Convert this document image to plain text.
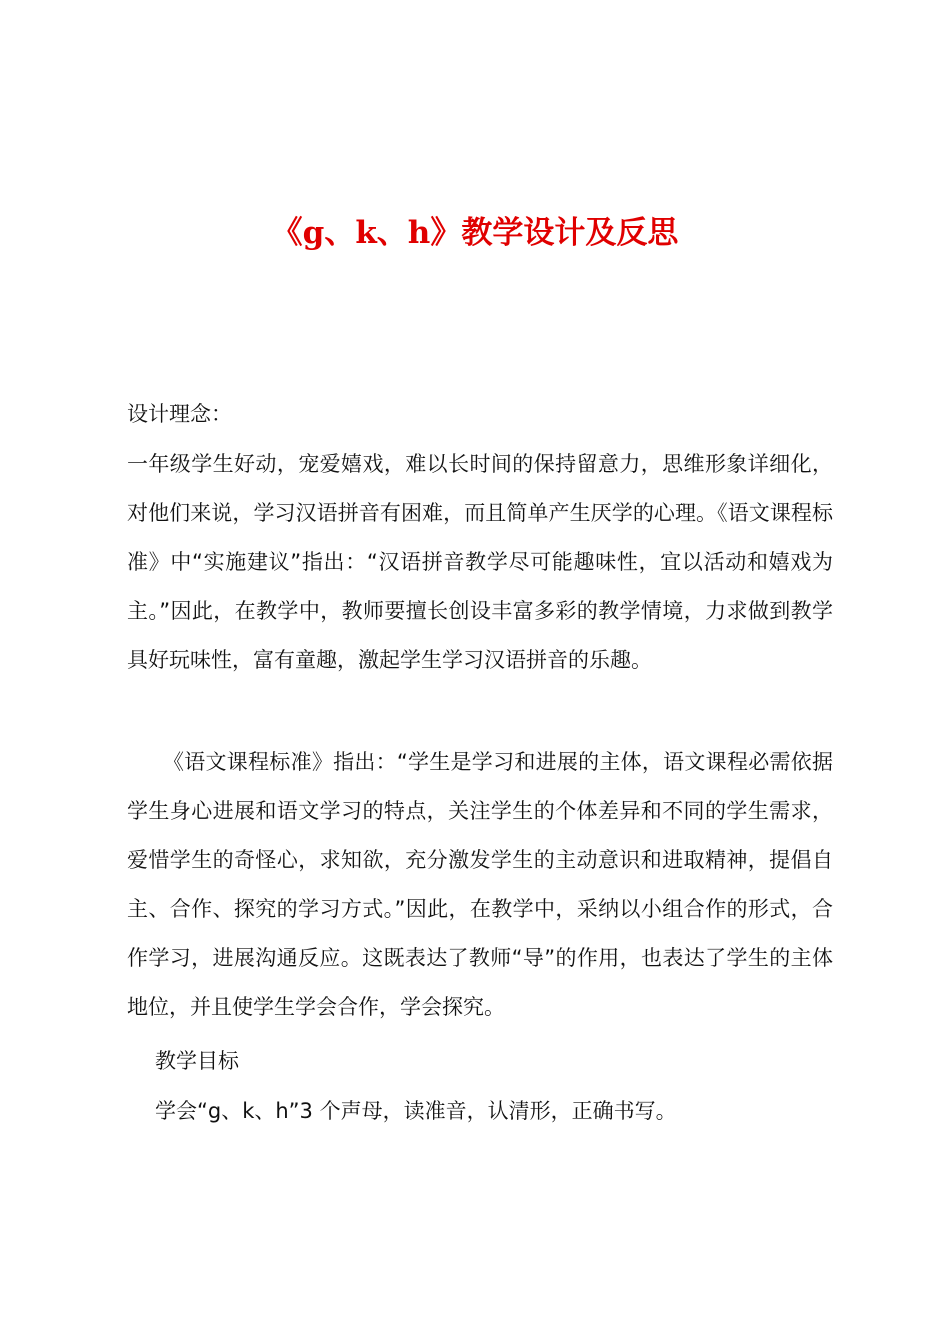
《g、k、h》教学设计及反思

设计理念：

一年级学生好动，宠爱嬉戏，难以长时间的保持留意力，思维形象详细化，对他们来说，学习汉语拼音有困难，而且简单产生厌学的心理。《语文课程标准》中“实施建议”指出：“汉语拼音教学尽可能趣味性，宜以活动和嬉戏为主。”因此，在教学中，教师要擅长创设丰富多彩的教学情境，力求做到教学具好玩味性，富有童趣，激起学生学习汉语拼音的乐趣。

《语文课程标准》指出：“学生是学习和进展的主体，语文课程必需依据学生身心进展和语文学习的特点，关注学生的个体差异和不同的学生需求，爱惜学生的奇怪心，求知欲，充分激发学生的主动意识和进取精神，提倡自主、合作、探究的学习方式。”因此，在教学中，采纳以小组合作的形式，合作学习，进展沟通反应。这既表达了教师“导”的作用，也表达了学生的主体地位，并且使学生学会合作，学会探究。

教学目标

学会“g、k、h”3 个声母，读准音，认清形，正确书写。
